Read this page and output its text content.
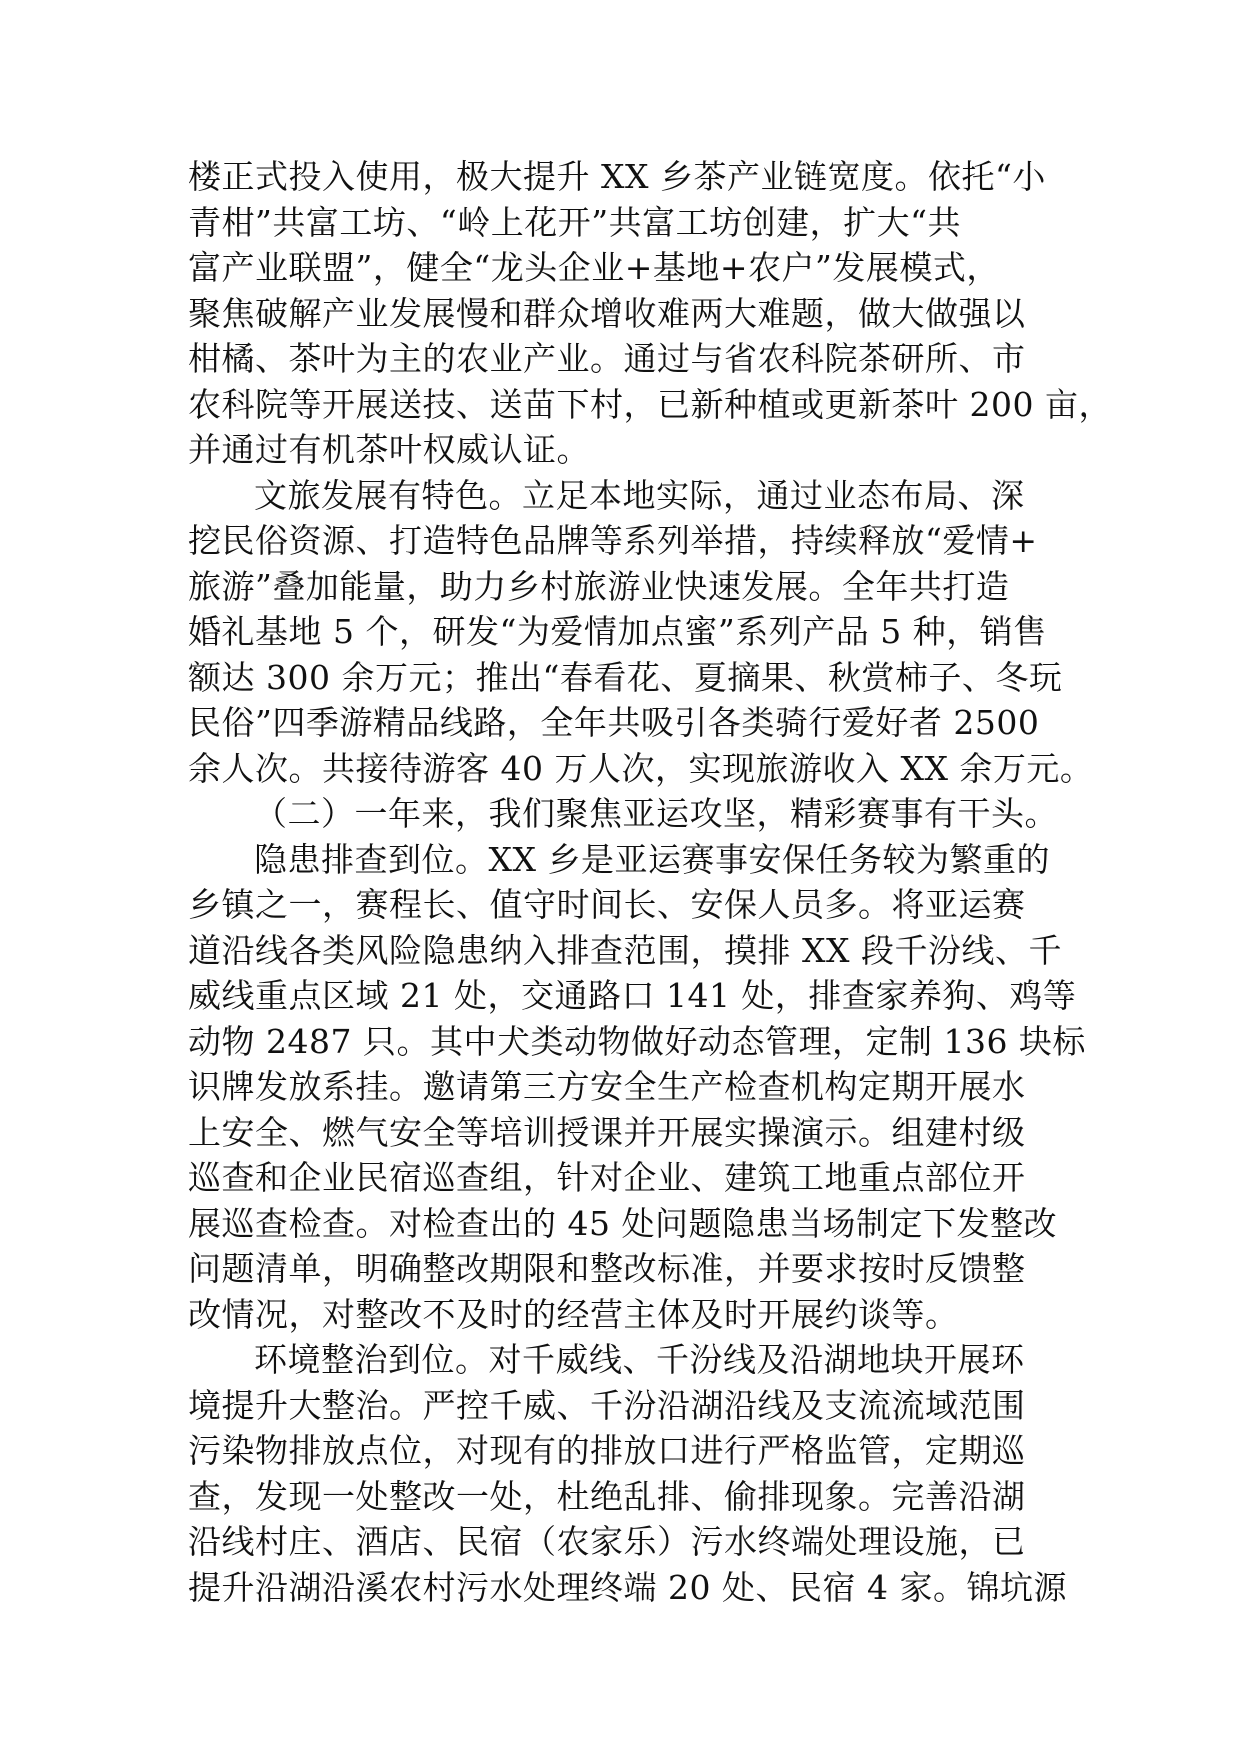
楼正式投入使用，极大提升 XX 乡茶产业链宽度。依托“小
青柑”共富工坊、“岭上花开”共富工坊创建，扩大“共
富产业联盟”，健全“龙头企业+基地+农户”发展模式，
聚焦破解产业发展慢和群众增收难两大难题，做大做强以
柑橘、茶叶为主的农业产业。通过与省农科院茶研所、市
农科院等开展送技、送苗下村，已新种植或更新茶叶 200 亩，
并通过有机茶叶权威认证。
文旅发展有特色。立足本地实际，通过业态布局、深
挖民俗资源、打造特色品牌等系列举措，持续释放“爱情+
旅游”叠加能量，助力乡村旅游业快速发展。全年共打造
婚礼基地 5 个，研发“为爱情加点蜜”系列产品 5 种，销售
额达 300 余万元；推出“春看花、夏摘果、秋赏柿子、冬玩
民俗”四季游精品线路，全年共吸引各类骑行爱好者 2500
余人次。共接待游客 40 万人次，实现旅游收入 XX 余万元。
（二）一年来，我们聚焦亚运攻坚，精彩赛事有干头。
隐患排查到位。XX 乡是亚运赛事安保任务较为繁重的
乡镇之一，赛程长、值守时间长、安保人员多。将亚运赛
道沿线各类风险隐患纳入排查范围，摸排 XX 段千汾线、千
威线重点区域 21 处，交通路口 141 处，排查家养狗、鸡等
动物 2487 只。其中犬类动物做好动态管理，定制 136 块标
识牌发放系挂。邀请第三方安全生产检查机构定期开展水
上安全、燃气安全等培训授课并开展实操演示。组建村级
巡查和企业民宿巡查组，针对企业、建筑工地重点部位开
展巡查检查。对检查出的 45 处问题隐患当场制定下发整改
问题清单，明确整改期限和整改标准，并要求按时反馈整
改情况，对整改不及时的经营主体及时开展约谈等。
环境整治到位。对千威线、千汾线及沿湖地块开展环
境提升大整治。严控千威、千汾沿湖沿线及支流流域范围
污染物排放点位，对现有的排放口进行严格监管，定期巡
查，发现一处整改一处，杜绝乱排、偷排现象。完善沿湖
沿线村庄、酒店、民宿（农家乐）污水终端处理设施，已
提升沿湖沿溪农村污水处理终端 20 处、民宿 4 家。锦坑源
